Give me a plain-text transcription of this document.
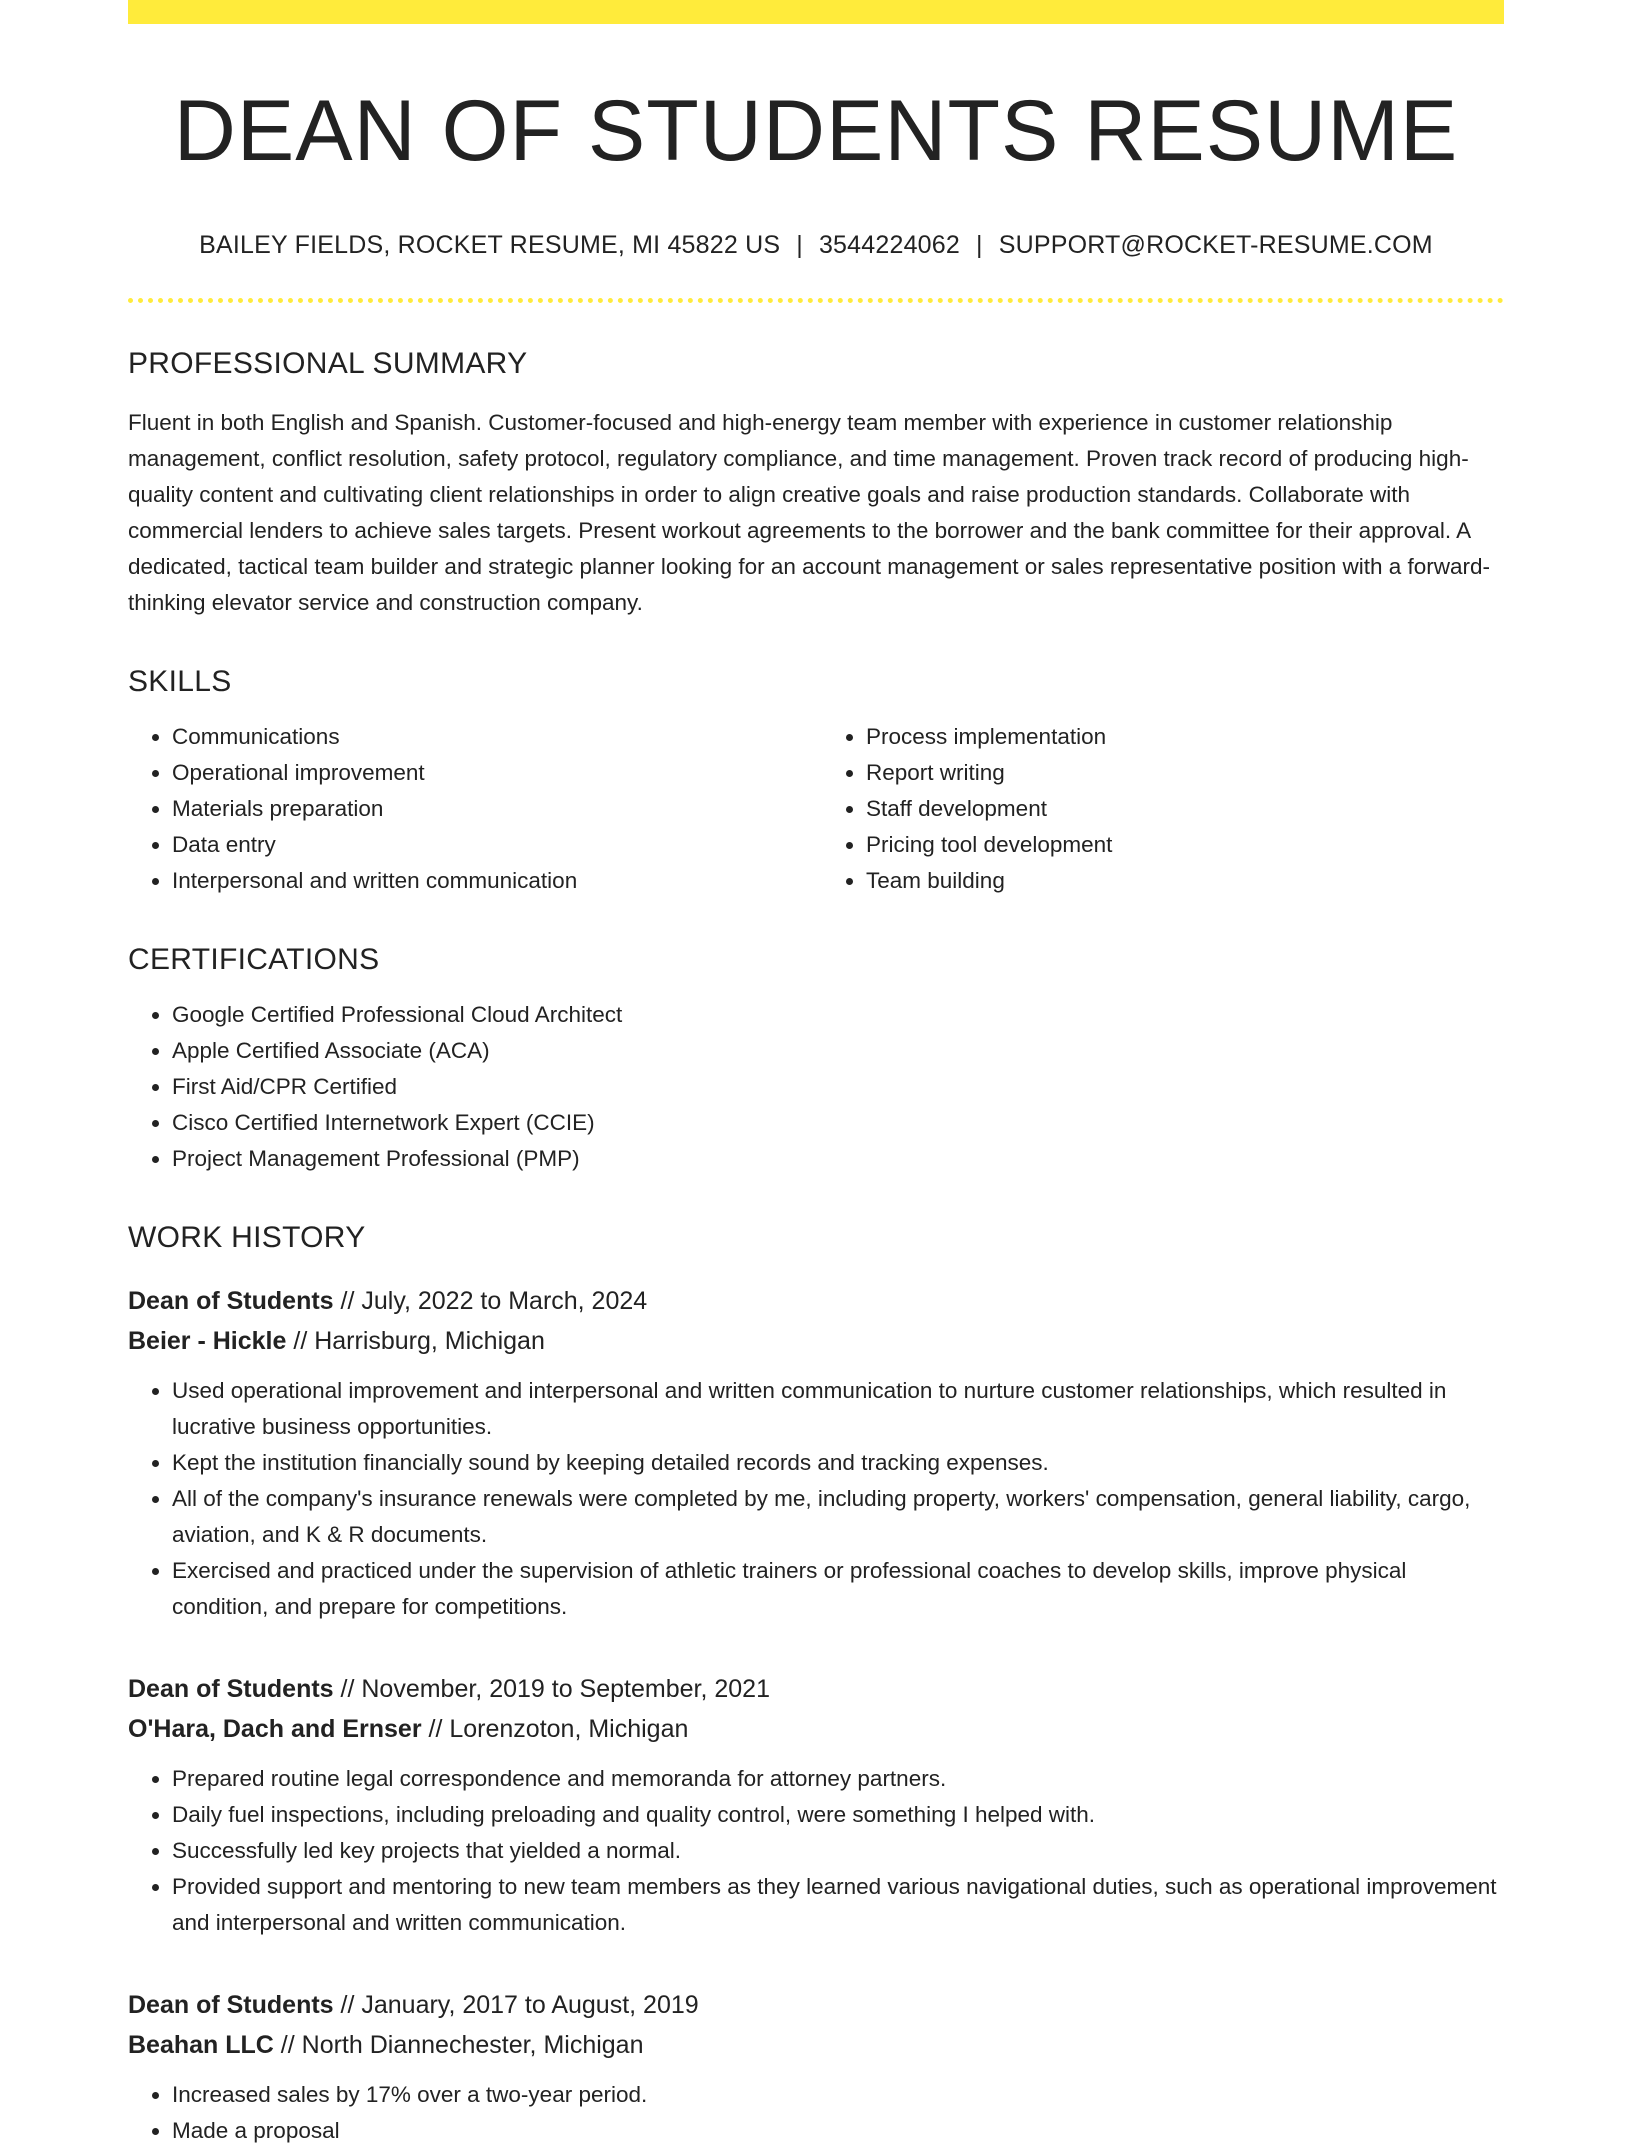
DEAN OF STUDENTS RESUME
BAILEY FIELDS, ROCKET RESUME, MI 45822 US | 3544224062 | SUPPORT@ROCKET-RESUME.COM
PROFESSIONAL SUMMARY

Fluent in both English and Spanish. Customer-focused and high-energy team member with experience in customer relationship management, conflict resolution, safety protocol, regulatory compliance, and time management. Proven track record of producing high-quality content and cultivating client relationships in order to align creative goals and raise production standards. Collaborate with commercial lenders to achieve sales targets. Present workout agreements to the borrower and the bank committee for their approval. A dedicated, tactical team builder and strategic planner looking for an account management or sales representative position with a forward-thinking elevator service and construction company.

SKILLS
• Communications
• Operational improvement
• Materials preparation
• Data entry
• Interpersonal and written communication
• Process implementation
• Report writing
• Staff development
• Pricing tool development
• Team building
CERTIFICATIONS
• Google Certified Professional Cloud Architect
• Apple Certified Associate (ACA)
• First Aid/CPR Certified
• Cisco Certified Internetwork Expert (CCIE)
• Project Management Professional (PMP)
WORK HISTORY
Dean of Students // July, 2022 to March, 2024
Beier - Hickle // Harrisburg, Michigan
• Used operational improvement and interpersonal and written communication to nurture customer relationships, which resulted in lucrative business opportunities.
• Kept the institution financially sound by keeping detailed records and tracking expenses.
• All of the company's insurance renewals were completed by me, including property, workers' compensation, general liability, cargo, aviation, and K & R documents.
• Exercised and practiced under the supervision of athletic trainers or professional coaches to develop skills, improve physical condition, and prepare for competitions.
Dean of Students // November, 2019 to September, 2021
O'Hara, Dach and Ernser // Lorenzoton, Michigan
• Prepared routine legal correspondence and memoranda for attorney partners.
• Daily fuel inspections, including preloading and quality control, were something I helped with.
• Successfully led key projects that yielded a normal.
• Provided support and mentoring to new team members as they learned various navigational duties, such as operational improvement and interpersonal and written communication.
Dean of Students // January, 2017 to August, 2019
Beahan LLC // North Diannechester, Michigan
• Increased sales by 17% over a two-year period.
• Made a proposal
